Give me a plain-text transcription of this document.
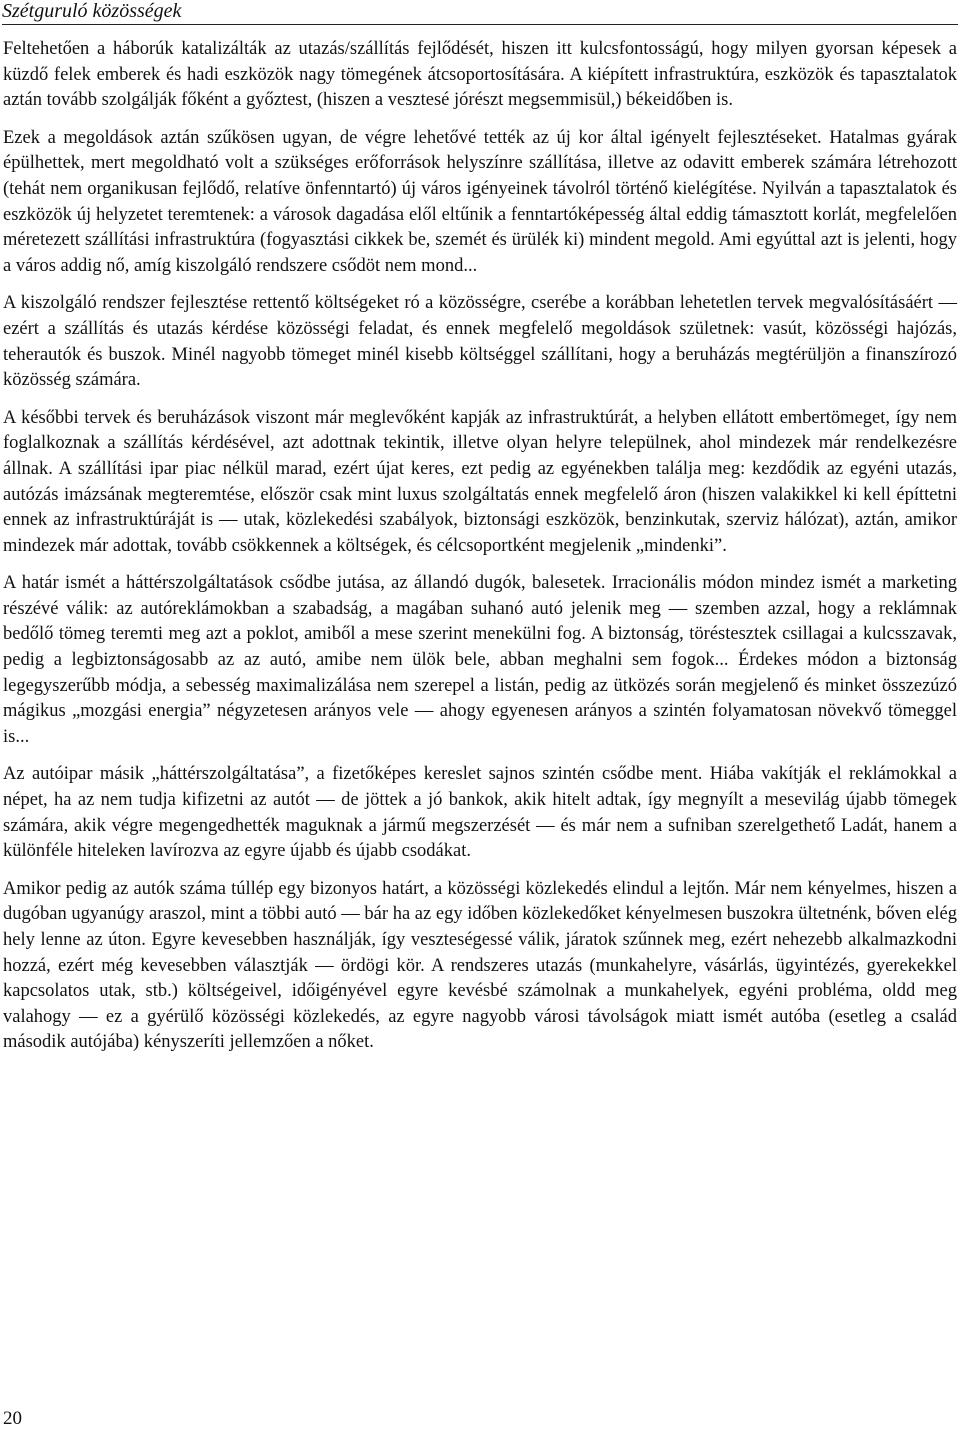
Szétguruló közösségek

Feltehetően a háborúk katalizálták az utazás/szállítás fejlődését, hiszen itt kulcsfontosságú, hogy milyen gyorsan képesek a küzdő felek emberek és hadi eszközök nagy tömegének átcsoportosítására. A kiépített infrastruktúra, eszközök és tapasztalatok aztán tovább szolgálják főként a győztest, (hiszen a vesztesé jórészt megsemmisül,) békeidőben is.

Ezek a megoldások aztán szűkösen ugyan, de végre lehetővé tették az új kor által igényelt fejlesztéseket. Hatalmas gyárak épülhettek, mert megoldható volt a szükséges erőforrások helyszínre szállítása, illetve az odavitt emberek számára létrehozott (tehát nem organikusan fejlődő, relatíve önfenntartó) új város igényeinek távolról történő kielégítése. Nyilván a tapasztalatok és eszközök új helyzetet teremtenek: a városok dagadása elől eltűnik a fenntartóképesség által eddig támasztott korlát, megfelelően méretezett szállítási infrastruktúra (fogyasztási cikkek be, szemét és ürülék ki) mindent megold. Ami egyúttal azt is jelenti, hogy a város addig nő, amíg kiszolgáló rendszere csődöt nem mond...

A kiszolgáló rendszer fejlesztése rettentő költségeket ró a közösségre, cserébe a korábban lehetetlen tervek megvalósításáért — ezért a szállítás és utazás kérdése közösségi feladat, és ennek megfelelő megoldások születnek: vasút, közösségi hajózás, teherautók és buszok. Minél nagyobb tömeget minél kisebb költséggel szállítani, hogy a beruházás megtérüljön a finanszírozó közösség számára.

A későbbi tervek és beruházások viszont már meglevőként kapják az infrastruktúrát, a helyben ellátott embertömeget, így nem foglalkoznak a szállítás kérdésével, azt adottnak tekintik, illetve olyan helyre települnek, ahol mindezek már rendelkezésre állnak. A szállítási ipar piac nélkül marad, ezért újat keres, ezt pedig az egyénekben találja meg: kezdődik az egyéni utazás, autózás imázsának megteremtése, először csak mint luxus szolgáltatás ennek megfelelő áron (hiszen valakikkel ki kell építtetni ennek az infrastruktúráját is — utak, közlekedési szabályok, biztonsági eszközök, benzinkutak, szerviz hálózat), aztán, amikor mindezek már adottak, tovább csökkennek a költségek, és célcsoportként megjelenik „mindenki”.

A határ ismét a háttérszolgáltatások csődbe jutása, az állandó dugók, balesetek. Irracionális módon mindez ismét a marketing részévé válik: az autóreklámokban a szabadság, a magában suhanó autó jelenik meg — szemben azzal, hogy a reklámnak bedőlő tömeg teremti meg azt a poklot, amiből a mese szerint menekülni fog. A biztonság, töréstesztek csillagai a kulcsszavak, pedig a legbiztonságosabb az az autó, amibe nem ülök bele, abban meghalni sem fogok... Érdekes módon a biztonság legegyszerűbb módja, a sebesség maximalizálása nem szerepel a listán, pedig az ütközés során megjelenő és minket összezúzó mágikus „mozgási energia” négyzetesen arányos vele — ahogy egyenesen arányos a szintén folyamatosan növekvő tömeggel is...

Az autóipar másik „háttérszolgáltatása”, a fizetőképes kereslet sajnos szintén csődbe ment. Hiába vakítják el reklámokkal a népet, ha az nem tudja kifizetni az autót — de jöttek a jó bankok, akik hitelt adtak, így megnyílt a mesevilág újabb tömegek számára, akik végre megengedhették maguknak a jármű megszerzését — és már nem a sufniban szerelgethető Ladát, hanem a különféle hiteleken lavírozva az egyre újabb és újabb csodákat.

Amikor pedig az autók száma túllép egy bizonyos határt, a közösségi közlekedés elindul a lejtőn. Már nem kényelmes, hiszen a dugóban ugyanúgy araszol, mint a többi autó — bár ha az egy időben közlekedőket kényelmesen buszokra ültetnénk, bőven elég hely lenne az úton. Egyre kevesebben használják, így veszteségessé válik, járatok szűnnek meg, ezért nehezebb alkalmazkodni hozzá, ezért még kevesebben választják — ördögi kör. A rendszeres utazás (munkahelyre, vásárlás, ügyintézés, gyerekekkel kapcsolatos utak, stb.) költségeivel, időigényével egyre kevésbé számolnak a munkahelyek, egyéni probléma, oldd meg valahogy — ez a gyérülő közösségi közlekedés, az egyre nagyobb városi távolságok miatt ismét autóba (esetleg a család második autójába) kényszeríti jellemzően a nőket.

20
